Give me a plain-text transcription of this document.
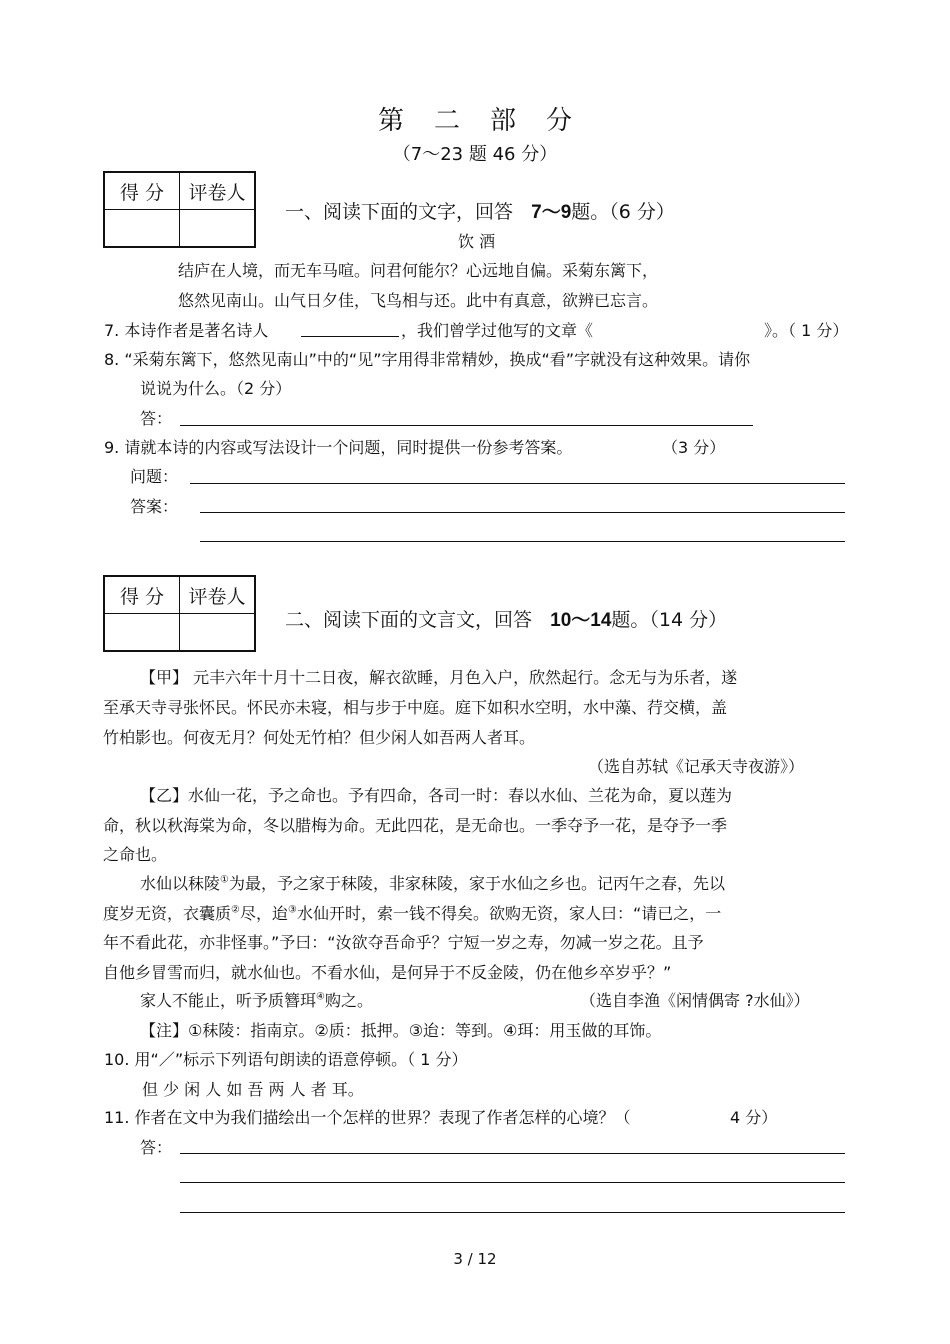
第二部分
（7～23 题 46 分）
得 分	评卷人

一、阅读下面的文字，回答 7～9题。（6 分）
饮 酒
结庐在人境，而无车马喧。问君何能尔？心远地自偏。采菊东篱下，
悠然见南山。山气日夕佳，飞鸟相与还。此中有真意，欲辨已忘言。
7. 本诗作者是著名诗人	，我们曾学过他写的文章《	》。（ 1 分）
8. “采菊东篱下，悠然见南山”中的“见”字用得非常精妙，换成“看”字就没有这种效果。请你
说说为什么。（2 分）
答：
9. 请就本诗的内容或写法设计一个问题，同时提供一份参考答案。	（3 分）
问题：
答案：
得 分	评卷人

二、阅读下面的文言文，回答 10～14题。（14 分）
【甲】 元丰六年十月十二日夜，解衣欲睡，月色入户，欣然起行。念无与为乐者，遂
至承天寺寻张怀民。怀民亦未寝，相与步于中庭。庭下如积水空明，水中藻、荇交横，盖
竹柏影也。何夜无月？何处无竹柏？但少闲人如吾两人者耳。
（选自苏轼《记承天寺夜游》）
【乙】水仙一花，予之命也。予有四命，各司一时：春以水仙、兰花为命，夏以莲为
命，秋以秋海棠为命，冬以腊梅为命。无此四花，是无命也。一季夺予一花，是夺予一季
之命也。
水仙以秣陵①为最，予之家于秣陵，非家秣陵，家于水仙之乡也。记丙午之春，先以
度岁无资，衣囊质②尽，迨③水仙开时，索一钱不得矣。欲购无资，家人曰：“请已之，一
年不看此花，亦非怪事。”予曰：“汝欲夺吾命乎？宁短一岁之寿，勿减一岁之花。且予
自他乡冒雪而归，就水仙也。不看水仙，是何异于不反金陵，仍在他乡卒岁乎？”
家人不能止，听予质簪珥④购之。	（选自李渔《闲情偶寄 ?水仙》）
【注】①秣陵：指南京。②质：抵押。③迨：等到。④珥：用玉做的耳饰。
10. 用“／”标示下列语句朗读的语意停顿。（ 1 分）
但 少 闲 人 如 吾 两 人 者 耳。
11. 作者在文中为我们描绘出一个怎样的世界？表现了作者怎样的心境？（	4 分）
答：
3 / 12
